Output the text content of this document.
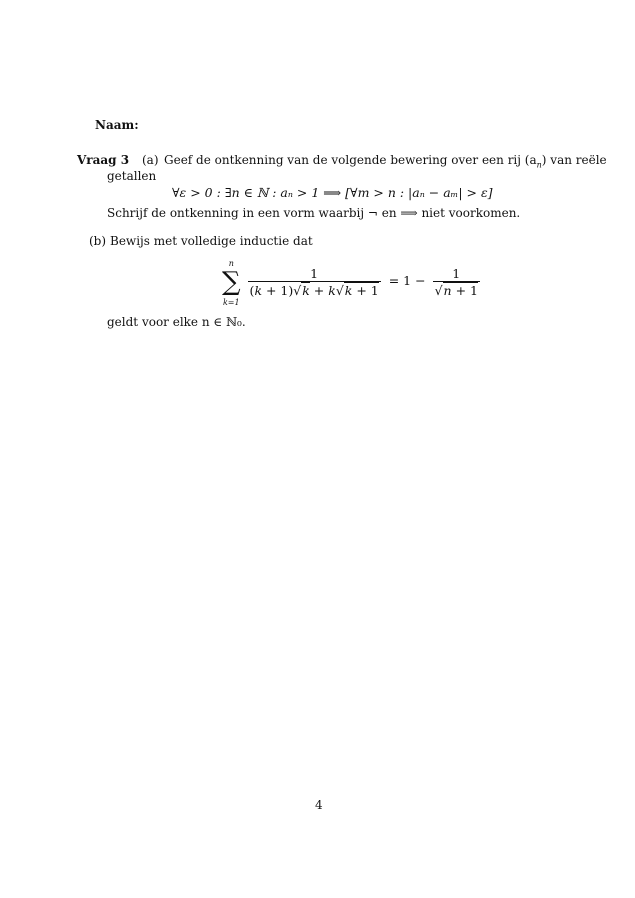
Naam:
Vraag 3 (a) Geef de ontkenning van de volgende bewering over een rij $(a_n)$ van reële
getallen
∀ε > 0 : ∃n ∈ ℕ : aₙ > 1 ⟹ [∀m > n : |aₙ − aₘ| > ε]
Schrijf de ontkenning in een vorm waarbij ¬ en ⟹ niet voorkomen.
(b) Bewijs met volledige inductie dat
n
∑
k=1
$\frac{1}{(k + 1)√k + k√k + 1} = 1 - \frac{1}{√n + 1}$
geldt voor elke n ∈ ℕ₀.
4
